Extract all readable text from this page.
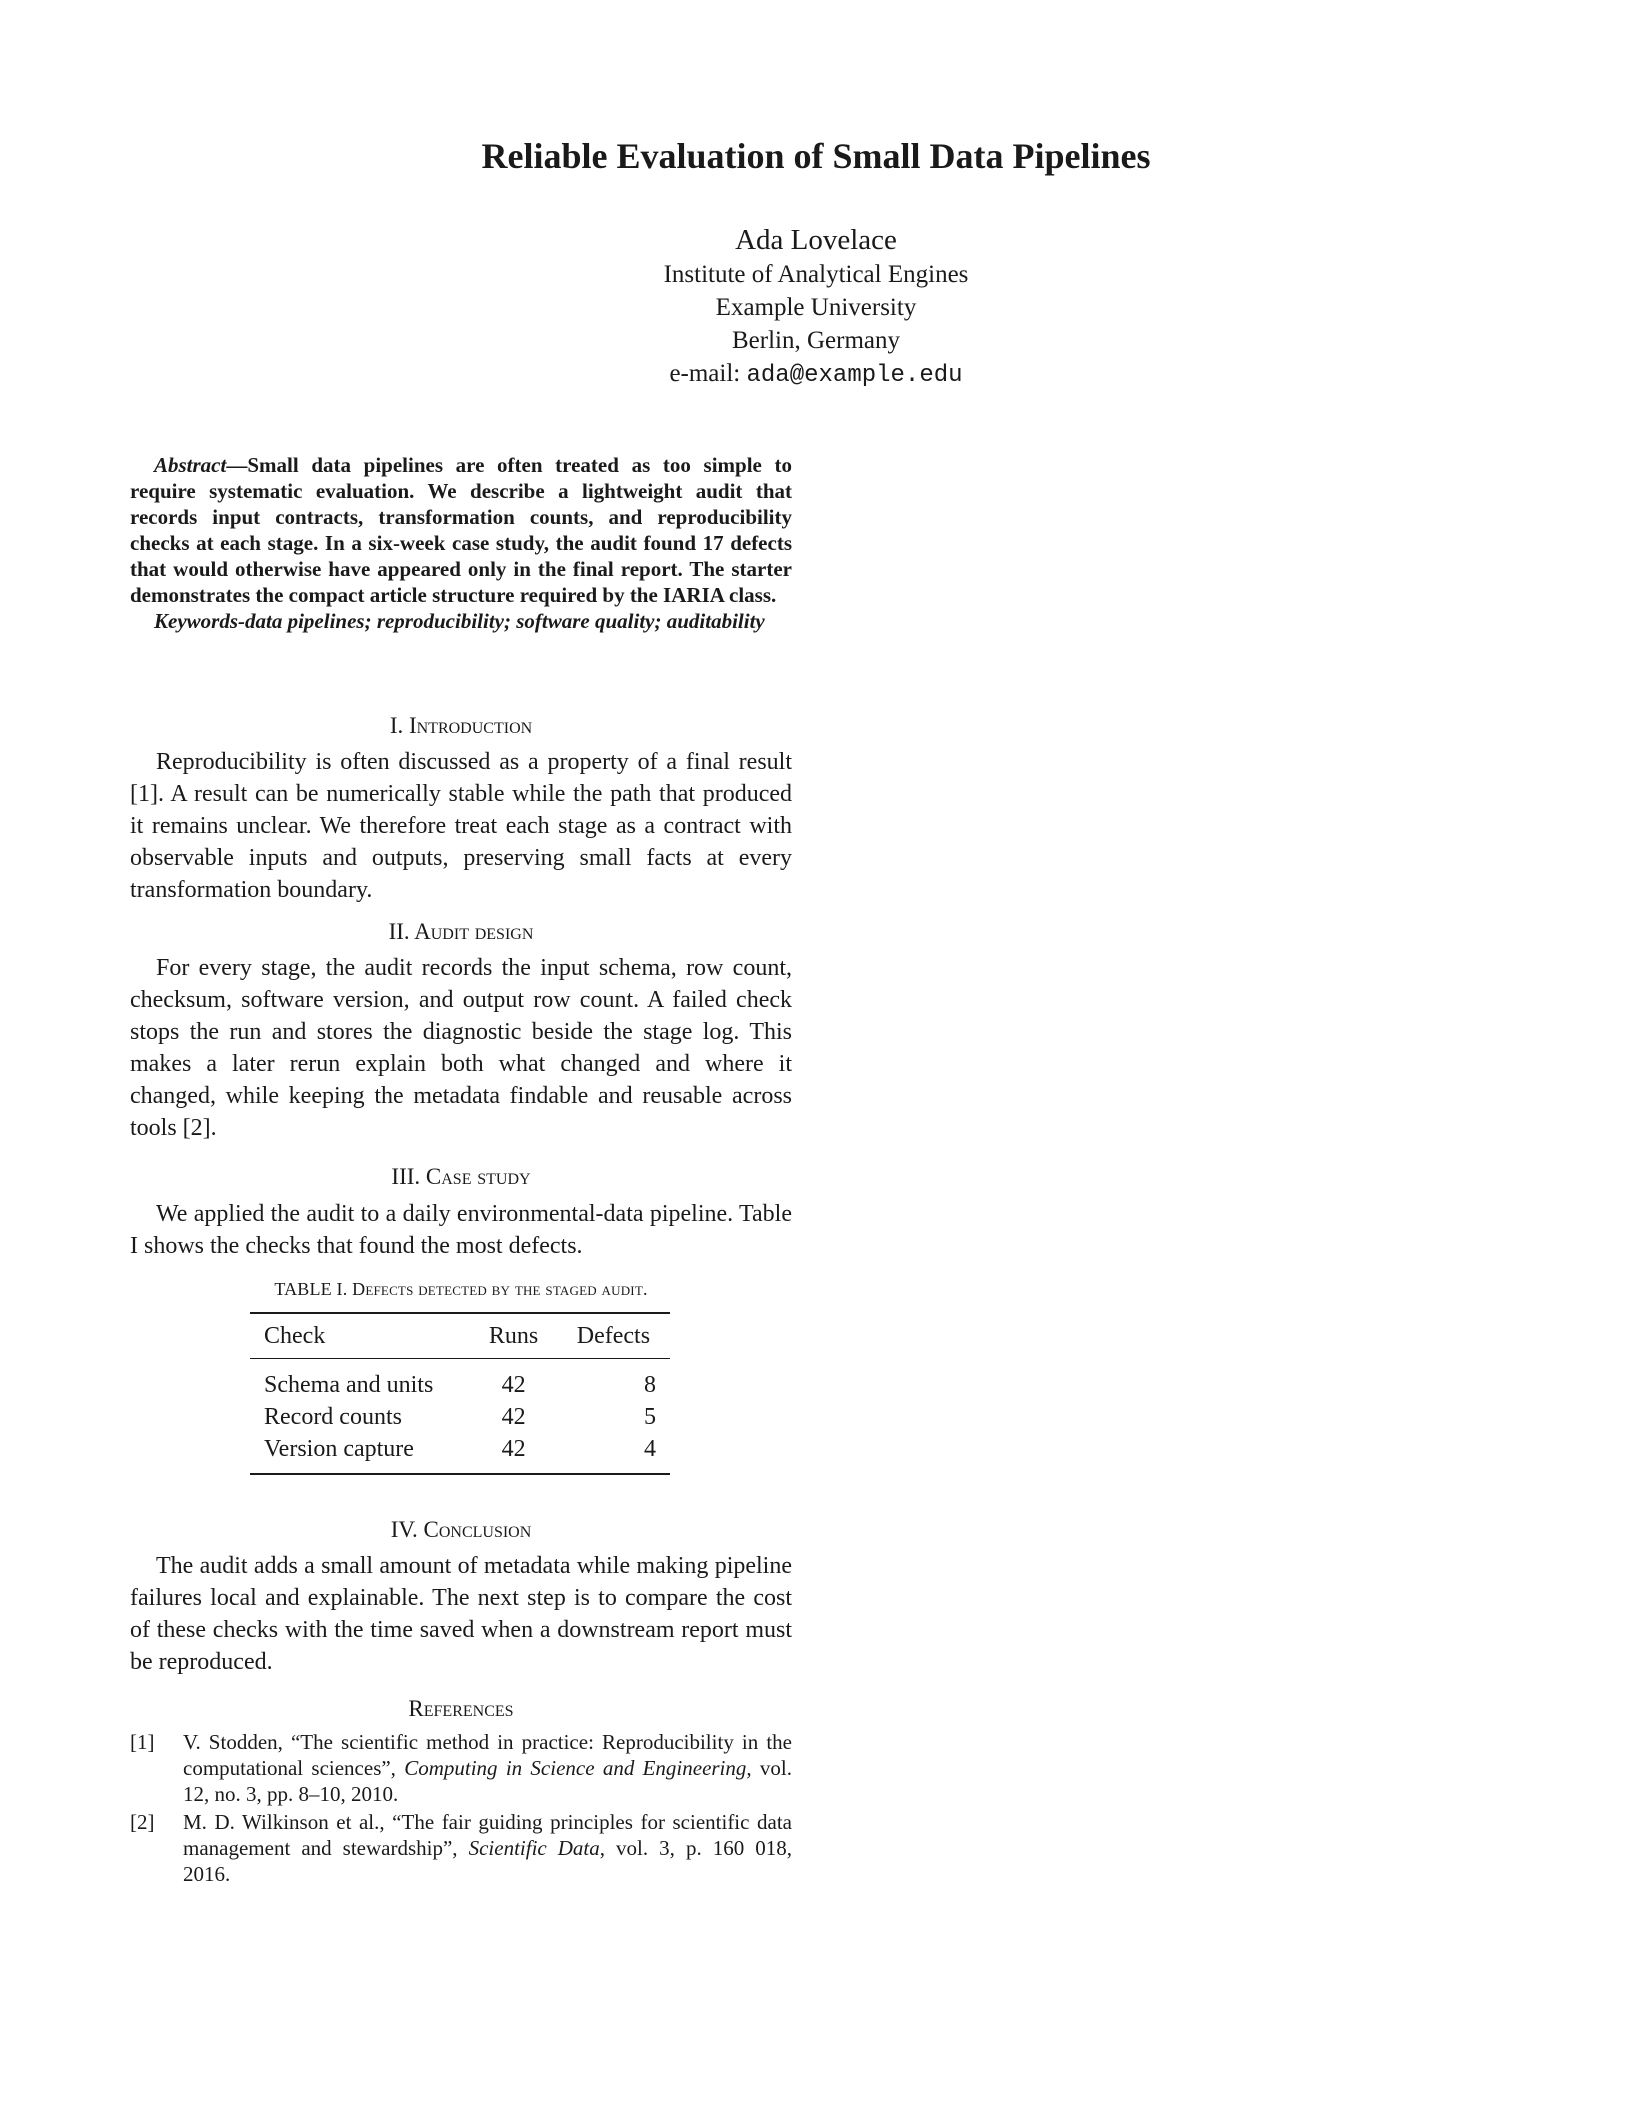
Reliable Evaluation of Small Data Pipelines
Ada Lovelace
Institute of Analytical Engines
Example University
Berlin, Germany
e-mail: ada@example.edu

Abstract—Small data pipelines are often treated as too simple to require systematic evaluation. We describe a lightweight audit that records input contracts, transformation counts, and reproducibility checks at each stage. In a six-week case study, the audit found 17 defects that would otherwise have appeared only in the final report. The starter demonstrates the compact article structure required by the IARIA class.

Keywords-data pipelines; reproducibility; software quality; auditability

I. Introduction

Reproducibility is often discussed as a property of a final result [1]. A result can be numerically stable while the path that produced it remains unclear. We therefore treat each stage as a contract with observable inputs and outputs, preserving small facts at every transformation boundary.

II. Audit design

For every stage, the audit records the input schema, row count, checksum, software version, and output row count. A failed check stops the run and stores the diagnostic beside the stage log. This makes a later rerun explain both what changed and where it changed, while keeping the metadata findable and reusable across tools [2].

III. Case study

We applied the audit to a daily environmental-data pipeline. Table I shows the checks that found the most defects.

TABLE I. Defects detected by the staged audit.
Check	Runs	Defects
Schema and units	42	8
Record counts	42	5
Version capture	42	4
IV. Conclusion

The audit adds a small amount of metadata while making pipeline failures local and explainable. The next step is to compare the cost of these checks with the time saved when a downstream report must be reproduced.

References
[1] V. Stodden, “The scientific method in practice: Reproducibility in the computational sciences”, Computing in Science and Engineering, vol. 12, no. 3, pp. 8–10, 2010.
[2] M. D. Wilkinson et al., “The fair guiding principles for scientific data management and stewardship”, Scientific Data, vol. 3, p. 160 018, 2016.
